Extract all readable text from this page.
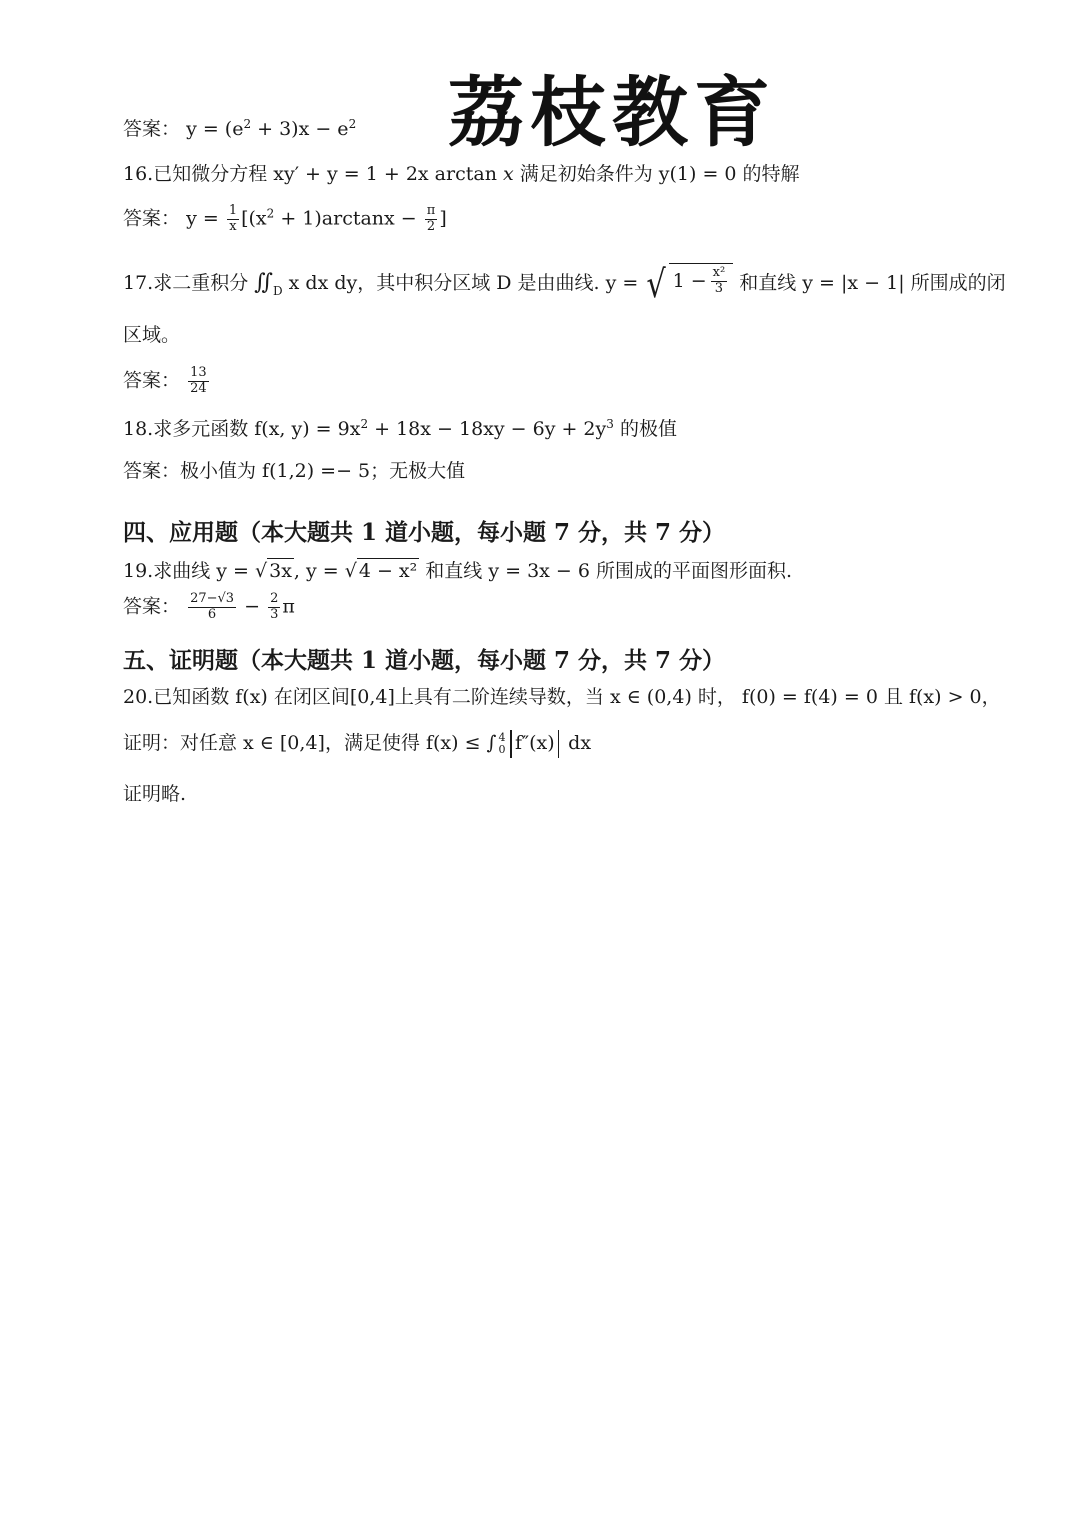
荔枝教育
答案： $y = (e^2 + 3)x - e^2$
16.已知微分方程 xy′ + y = 1 + 2x arctan 𝑥 满足初始条件为 y(1) = 0 的特解
答案： $y = \frac{1}{x} [(x^2 + 1)\arctan x - \frac{\pi}{2}$ ]
17.求二重积分 $∬_D$ x dx dy，其中积分区域 D 是由曲线. y = √ $1 - \frac{\text{x²}}{3}$ 和直线 y = |x − 1| 所围成的闭
区域。
答案： $\frac{13}{24}$
18.求多元函数 f(x, $y) = 9x^2 + 18x - 18xy - 6y + 2y^3$ 的极值
答案：极小值为 f(1,2) =− 5；无极大值
四、应用题（本大题共 1 道小题，每小题 7 分，共 7 分）
19.求曲线 y = √ 3x , y = √ 4 − x² 和直线 y = 3x − 6 所围成的平面图形面积.
答案： $\frac{27-√3}{6} - \frac{2}{3}$ π
五、证明题（本大题共 1 道小题，每小题 7 分，共 7 分）
20.已知函数 f(x) 在闭区间[0,4]上具有二阶连续导数，当 x ∈ (0,4) 时， f(0) = f(4) = 0 且 f(x) > 0，
证明：对任意 x ∈ [0,4]，满足使得 f(x) ≤ ∫ 4
0 f″(x) dx
证明略.
